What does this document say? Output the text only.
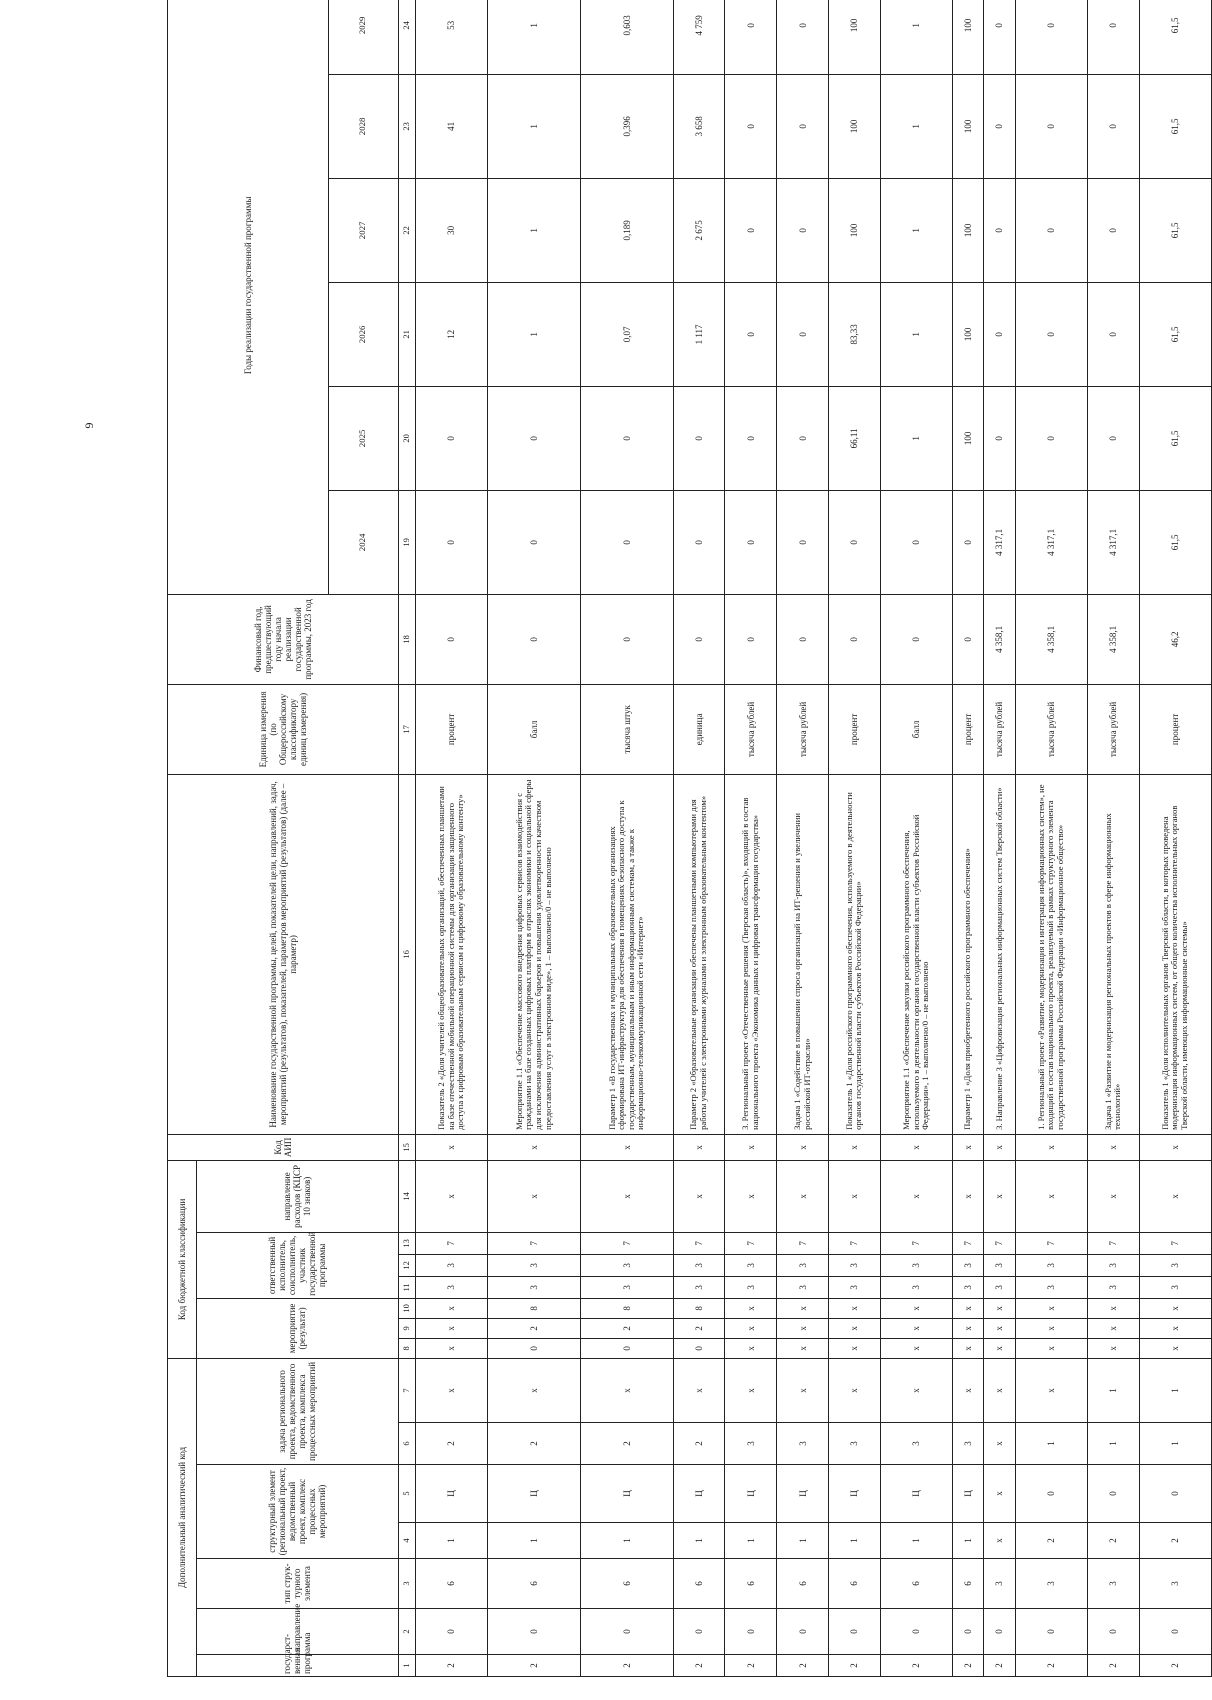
6
Дополнительный аналитический код							Код бюджетной классификации							Код АИП	Наименование государственной программы, целей, показателей цели, направлений, задач, мероприятий (результатов), показателей, параметров мероприятий (результатов) (далее – параметр)	Единица измерения (по Общероссийскому классификатору единиц измерения)	Финансовый год, предшествующий году начала реализации государственной программы, 2023 год	Годы реализации государственной программы					
государст-венная программа	направление	тип струк-турного элемента	структурный элемент (региональный проект, ведомственный проект, комплекс процессных мероприятий)		задача регионального проекта, ведомственного проекта, комплекса процессных мероприятий		мероприятие (результат)			ответственный исполнитель, соисполнитель, участник государственной программы			направление расходов (КЦСР 10 знаков)										
																		2024	2025	2026	2027	2028	2029
1	2	3	4	5	6	7	8	9	10	11	12	13	14	15	16	17	18	19	20	21	22	23	24
2	0	6	1	Ц	2	х	х	х	х	3	3	7	х	х	Показатель 2 «Доля учителей общеобразовательных организаций, обеспеченных планшетами на базе отечественной мобильной операционной системы для организации защищенного доступа к цифровым образовательным сервисам и цифровому образовательному контенту»	процент	0	0	0	12	30	41	53
2	0	6	1	Ц	2	х	0	2	8	3	3	7	х	х	Мероприятие 1.1 «Обеспечение массового внедрения цифровых сервисов взаимодействия с гражданами на базе созданных цифровых платформ в отраслях экономики и социальной сферы для исключения административных барьеров и повышения удовлетворенности качеством предоставления услуг в электронном виде», 1 – выполнено/0 – не выполнено	балл	0	0	0	1	1	1	1
2	0	6	1	Ц	2	х	0	2	8	3	3	7	х	х	Параметр 1 «В государственных и муниципальных образовательных организациях сформирована ИТ-инфраструктура для обеспечения в помещениях безопасного доступа к государственным, муниципальным и иным информационным системам, а также к информационно-телекоммуникационной сети «Интернет»	тысяча штук	0	0	0	0,07	0,189	0,396	0,603
2	0	6	1	Ц	2	х	0	2	8	3	3	7	х	х	Параметр 2 «Образовательные организации обеспечены планшетными компьютерами для работы учителей с электронными журналами и электронным образовательным контентом»	единица	0	0	0	1 117	2 675	3 658	4 759
2	0	6	1	Ц	3	х	х	х	х	3	3	7	х	х	3. Региональный проект «Отечественные решения (Тверская область)», входящий в состав национального проекта «Экономика данных и цифровая трансформация государства»	тысяча рублей	0	0	0	0	0	0	0
2	0	6	1	Ц	3	х	х	х	х	3	3	7	х	х	Задача 1 «Содействие в повышении спроса организаций на ИТ-решения и увеличении российской ИТ-отрасли»	тысяча рублей	0	0	0	0	0	0	0
2	0	6	1	Ц	3	х	х	х	х	3	3	7	х	х	Показатель 1 «Доля российского программного обеспечения, используемого в деятельности органов государственной власти субъектов Российской Федерации»	процент	0	0	66,11	83,33	100	100	100
2	0	6	1	Ц	3	х	х	х	х	3	3	7	х	х	Мероприятие 1.1 «Обеспечение закупки российского программного обеспечения, используемого в деятельности органов государственной власти субъектов Российской Федерации», 1 – выполнено/0 – не выполнено	балл	0	0	1	1	1	1	1
2	0	6	1	Ц	3	х	х	х	х	3	3	7	х	х	Параметр 1 «Доля приобретенного российского программного обеспечения»	процент	0	0	100	100	100	100	100
2	0	3	х	х	х	х	х	х	х	3	3	7	х	х	3. Направление 3 «Цифровизация региональных информационных систем Тверской области»	тысяча рублей	4 358,1	4 317,1	0	0	0	0	0
2	0	3	2	0	1	х	х	х	х	3	3	7	х	х	1. Региональный проект «Развитие, модернизация и интеграция информационных систем», не входящий в состав национального проекта, реализуемый в рамках структурного элемента государственной программы Российской Федерации «Информационное общество»	тысяча рублей	4 358,1	4 317,1	0	0	0	0	0
2	0	3	2	0	1	1	х	х	х	3	3	7	х	х	Задача 1 «Развитие и модернизация региональных проектов в сфере информационных технологий»	тысяча рублей	4 358,1	4 317,1	0	0	0	0	0
2	0	3	2	0	1	1	х	х	х	3	3	7	х	х	Показатель 1 «Доля исполнительных органов Тверской области, в которых проведена модернизация информационных систем, от общего количества исполнительных органов Тверской области, имеющих информационные системы»	процент	46,2	61,5	61,5	61,5	61,5	61,5	61,5
